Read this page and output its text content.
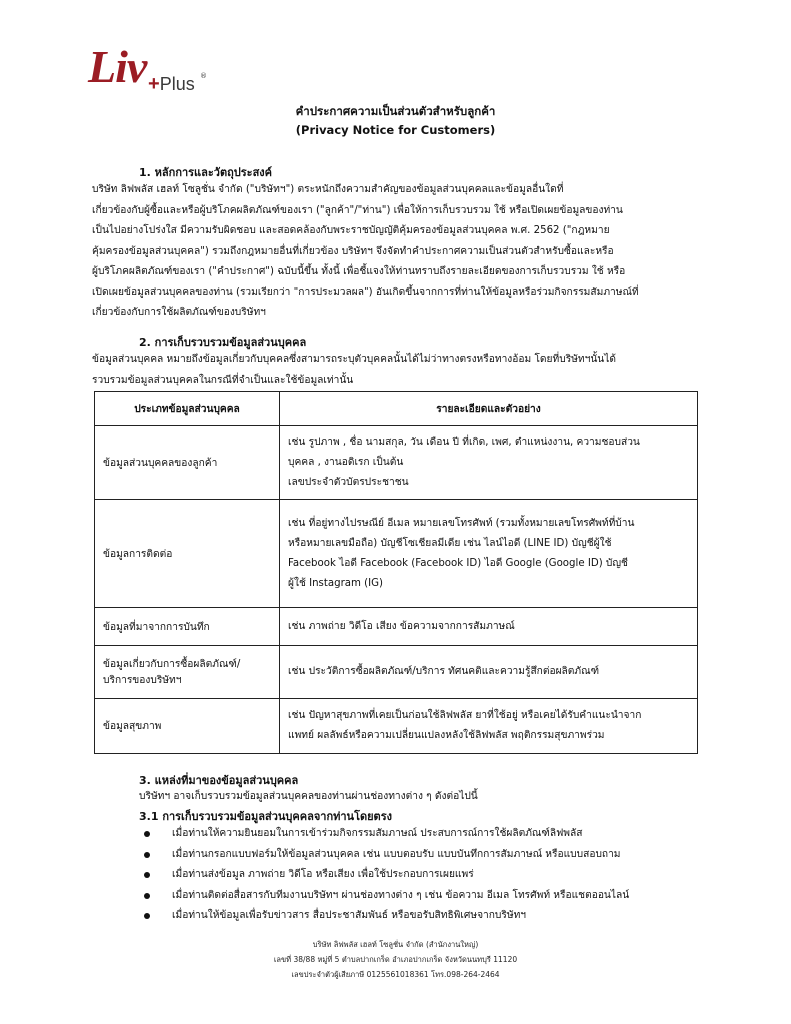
Liv +Plus ®
คำประกาศความเป็นส่วนตัวสำหรับลูกค้า
(Privacy Notice for Customers)
1. หลักการและวัตถุประสงค์
บริษัท ลิฟพลัส เฮลท์ โซลูชั่น จำกัด ("บริษัทฯ") ตระหนักถึงความสำคัญของข้อมูลส่วนบุคคลและข้อมูลอื่นใดที่
เกี่ยวข้องกับผู้ซื้อและหรือผู้บริโภคผลิตภัณฑ์ของเรา ("ลูกค้า"/"ท่าน") เพื่อให้การเก็บรวบรวม ใช้ หรือเปิดเผยข้อมูลของท่าน
เป็นไปอย่างโปร่งใส มีความรับผิดชอบ และสอดคล้องกับพระราชบัญญัติคุ้มครองข้อมูลส่วนบุคคล พ.ศ. 2562 ("กฎหมาย
คุ้มครองข้อมูลส่วนบุคคล") รวมถึงกฎหมายอื่นที่เกี่ยวข้อง บริษัทฯ จึงจัดทำคำประกาศความเป็นส่วนตัวสำหรับซื้อและหรือ
ผู้บริโภคผลิตภัณฑ์ของเรา ("คำประกาศ") ฉบับนี้ขึ้น ทั้งนี้ เพื่อชี้แจงให้ท่านทราบถึงรายละเอียดของการเก็บรวบรวม ใช้ หรือ
เปิดเผยข้อมูลส่วนบุคคลของท่าน (รวมเรียกว่า "การประมวลผล") อันเกิดขึ้นจากการที่ท่านให้ข้อมูลหรือร่วมกิจกรรมสัมภาษณ์ที่
เกี่ยวข้องกับการใช้ผลิตภัณฑ์ของบริษัทฯ
2. การเก็บรวบรวมข้อมูลส่วนบุคคล
ข้อมูลส่วนบุคคล หมายถึงข้อมูลเกี่ยวกับบุคคลซึ่งสามารถระบุตัวบุคคลนั้นได้ไม่ว่าทางตรงหรือทางอ้อม โดยที่บริษัทฯนั้นได้
รวบรวมข้อมูลส่วนบุคคลในกรณีที่จำเป็นและใช้ข้อมูลเท่านั้น
ประเภทข้อมูลส่วนบุคคล	รายละเอียดและตัวอย่าง
ข้อมูลส่วนบุคคลของลูกค้า	เช่น รูปภาพ , ชื่อ นามสกุล, วัน เดือน ปี ที่เกิด, เพศ, ตำแหน่งงาน, ความชอบส่วน
บุคคล , งานอดิเรก เป็นต้น
เลขประจำตัวบัตรประชาชน

ข้อมูลการติดต่อ	เช่น ที่อยู่ทางไปรษณีย์ อีเมล หมายเลขโทรศัพท์ (รวมทั้งหมายเลขโทรศัพท์ที่บ้าน
หรือหมายเลขมือถือ) บัญชีโซเชียลมีเดีย เช่น ไลน์ไอดี (LINE ID) บัญชีผู้ใช้
Facebook ไอดี Facebook (Facebook ID) ไอดี Google (Google ID) บัญชี
ผู้ใช้ Instagram (IG)

ข้อมูลที่มาจากการบันทึก	เช่น ภาพถ่าย วิดีโอ เสียง ข้อความจากการสัมภาษณ์

ข้อมูลเกี่ยวกับการซื้อผลิตภัณฑ์/
บริการของบริษัทฯ	เช่น ประวัติการซื้อผลิตภัณฑ์/บริการ ทัศนคติและความรู้สึกต่อผลิตภัณฑ์

ข้อมูลสุขภาพ	เช่น ปัญหาสุขภาพที่เคยเป็นก่อนใช้ลิฟพลัส ยาที่ใช้อยู่ หรือเคยได้รับคำแนะนำจาก
แพทย์ ผลลัพธ์หรือความเปลี่ยนแปลงหลังใช้ลิฟพลัส พฤติกรรมสุขภาพร่วม
3. แหล่งที่มาของข้อมูลส่วนบุคคล
บริษัทฯ อาจเก็บรวบรวมข้อมูลส่วนบุคคลของท่านผ่านช่องทางต่าง ๆ ดังต่อไปนี้
3.1 การเก็บรวบรวมข้อมูลส่วนบุคคลจากท่านโดยตรง
เมื่อท่านให้ความยินยอมในการเข้าร่วมกิจกรรมสัมภาษณ์ ประสบการณ์การใช้ผลิตภัณฑ์ลิฟพลัส
เมื่อท่านกรอกแบบฟอร์มให้ข้อมูลส่วนบุคคล เช่น แบบตอบรับ แบบบันทึกการสัมภาษณ์ หรือแบบสอบถาม
เมื่อท่านส่งข้อมูล ภาพถ่าย วิดีโอ หรือเสียง เพื่อใช้ประกอบการเผยแพร่
เมื่อท่านติดต่อสื่อสารกับทีมงานบริษัทฯ ผ่านช่องทางต่าง ๆ เช่น ข้อความ อีเมล โทรศัพท์ หรือแชตออนไลน์
เมื่อท่านให้ข้อมูลเพื่อรับข่าวสาร สื่อประชาสัมพันธ์ หรือขอรับสิทธิพิเศษจากบริษัทฯ
บริษัท ลิฟพลัส เฮลท์ โซลูชั่น จำกัด (สำนักงานใหญ่)
เลขที่ 38/88 หมู่ที่ 5 ตำบลปากเกร็ด อำเภอปากเกร็ด จังหวัดนนทบุรี 11120
เลขประจำตัวผู้เสียภาษี 0125561018361 โทร.098-264-2464
